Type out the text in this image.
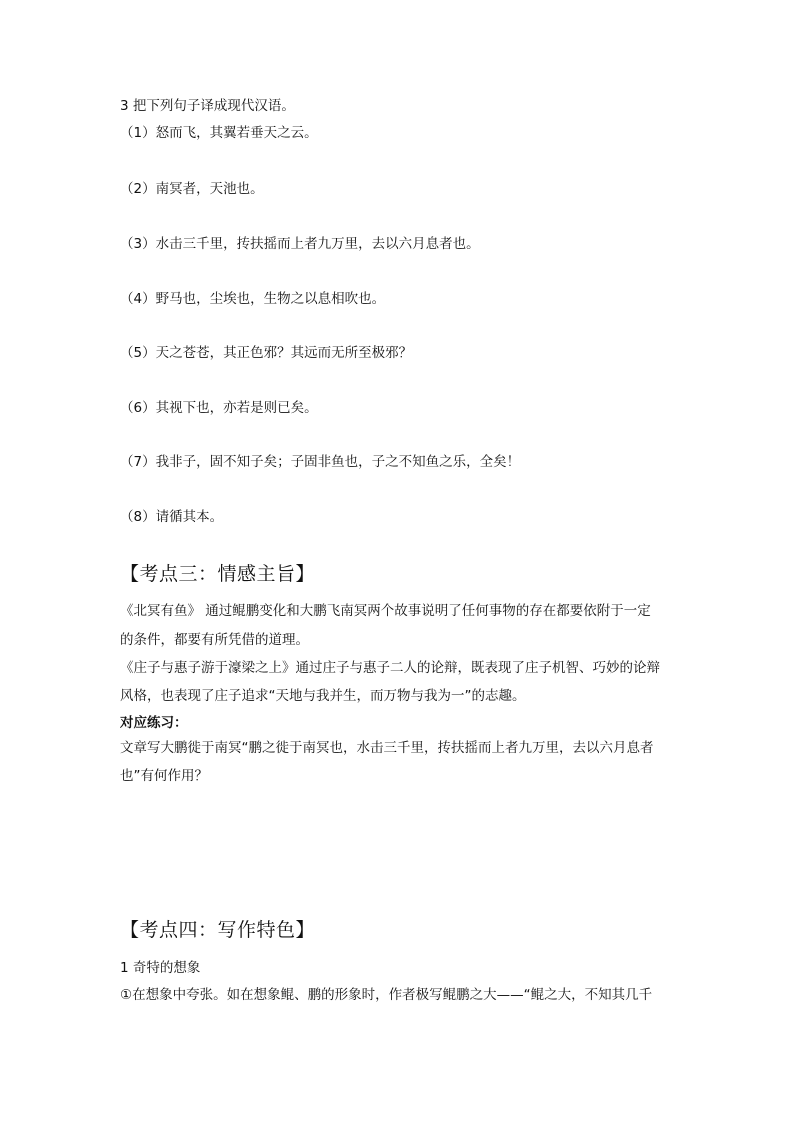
3 把下列句子译成现代汉语。
（1）怒而飞，其翼若垂天之云。
（2）南冥者，天池也。
（3）水击三千里，抟扶摇而上者九万里，去以六月息者也。
（4）野马也，尘埃也，生物之以息相吹也。
（5）天之苍苍，其正色邪？其远而无所至极邪？
（6）其视下也，亦若是则已矣。
（7）我非子，固不知子矣；子固非鱼也，子之不知鱼之乐，全矣！
（8）请循其本。
【考点三：情感主旨】
《北冥有鱼》 通过鲲鹏变化和大鹏飞南冥两个故事说明了任何事物的存在都要依附于一定
的条件，都要有所凭借的道理。
《庄子与惠子游于濠梁之上》通过庄子与惠子二人的论辩，既表现了庄子机智、巧妙的论辩
风格，也表现了庄子追求“天地与我并生，而万物与我为一”的志趣。
对应练习：
文章写大鹏徙于南冥“鹏之徙于南冥也，水击三千里，抟扶摇而上者九万里，去以六月息者
也”有何作用？
【考点四：写作特色】
1 奇特的想象
①在想象中夸张。如在想象鲲、鹏的形象时，作者极写鲲鹏之大——“鲲之大，不知其几千
